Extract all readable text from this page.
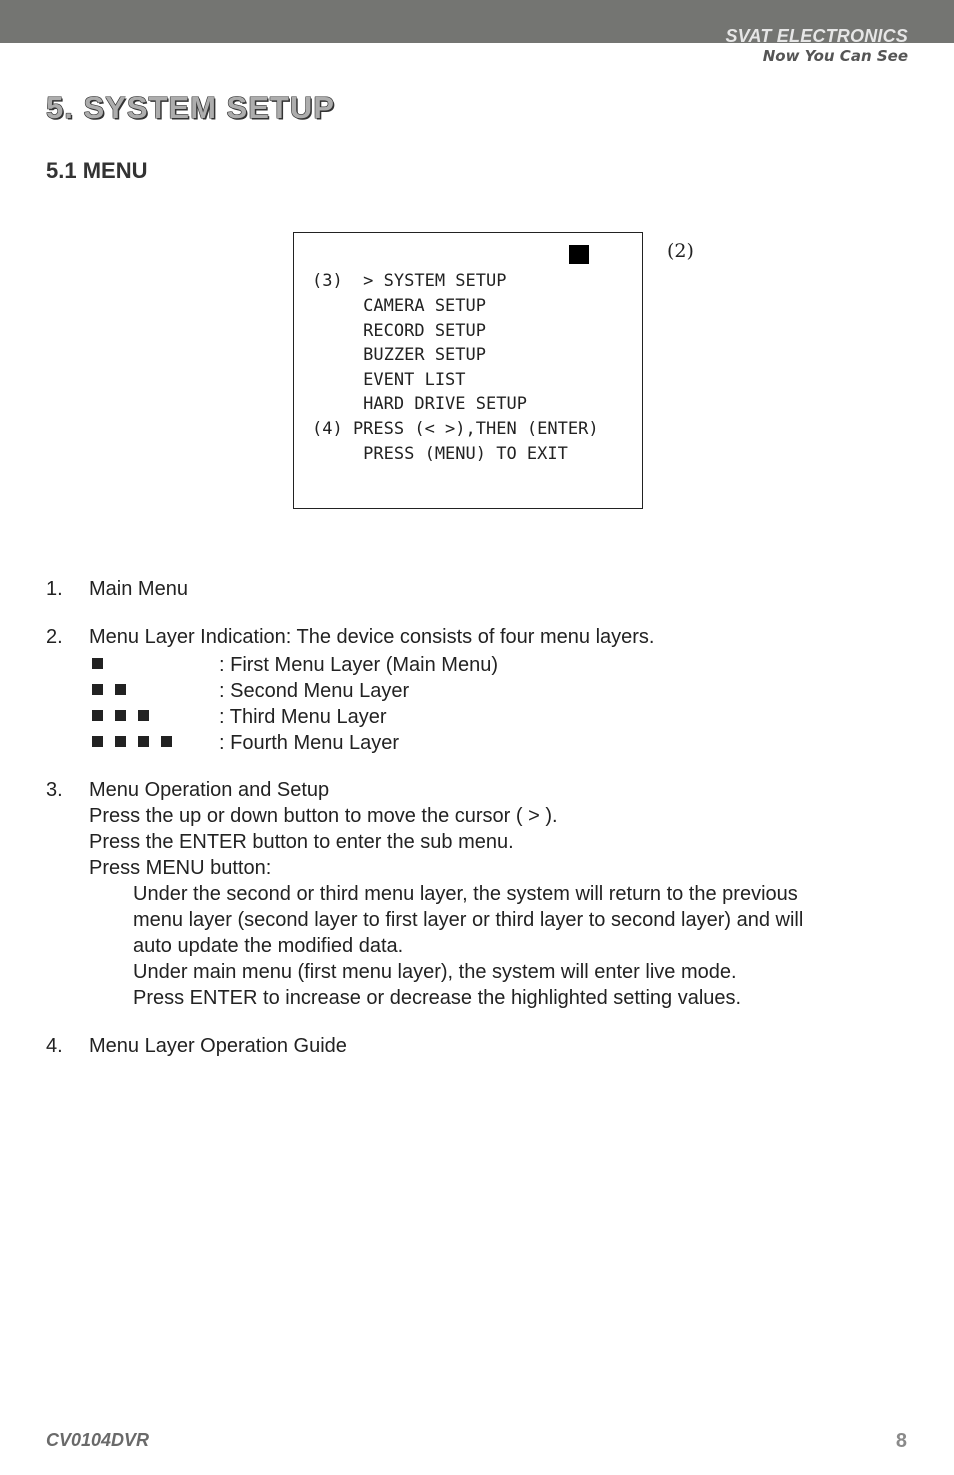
SVAT ELECTRONICS
Now You Can See
5. SYSTEM SETUP
5.1 MENU
(2)
(3)  > SYSTEM SETUP
CAMERA SETUP
RECORD SETUP
BUZZER SETUP
EVENT LIST
HARD DRIVE SETUP
(4) PRESS (< >),THEN (ENTER)
PRESS (MENU) TO EXIT
1. Main Menu
2. Menu Layer Indication: The device consists of four menu layers.
: First Menu Layer (Main Menu)
: Second Menu Layer
: Third Menu Layer
: Fourth Menu Layer
3. Menu Operation and Setup
Press the up or down button to move the cursor ( > ).
Press the ENTER button to enter the sub menu.
Press MENU button:
Under the second or third menu layer, the system will return to the previous
menu layer (second layer to first layer or third layer to second layer) and will
auto update the modified data.
Under main menu (first menu layer), the system will enter live mode.
Press ENTER to increase or decrease the highlighted setting values.
4. Menu Layer Operation Guide
CV0104DVR	8
